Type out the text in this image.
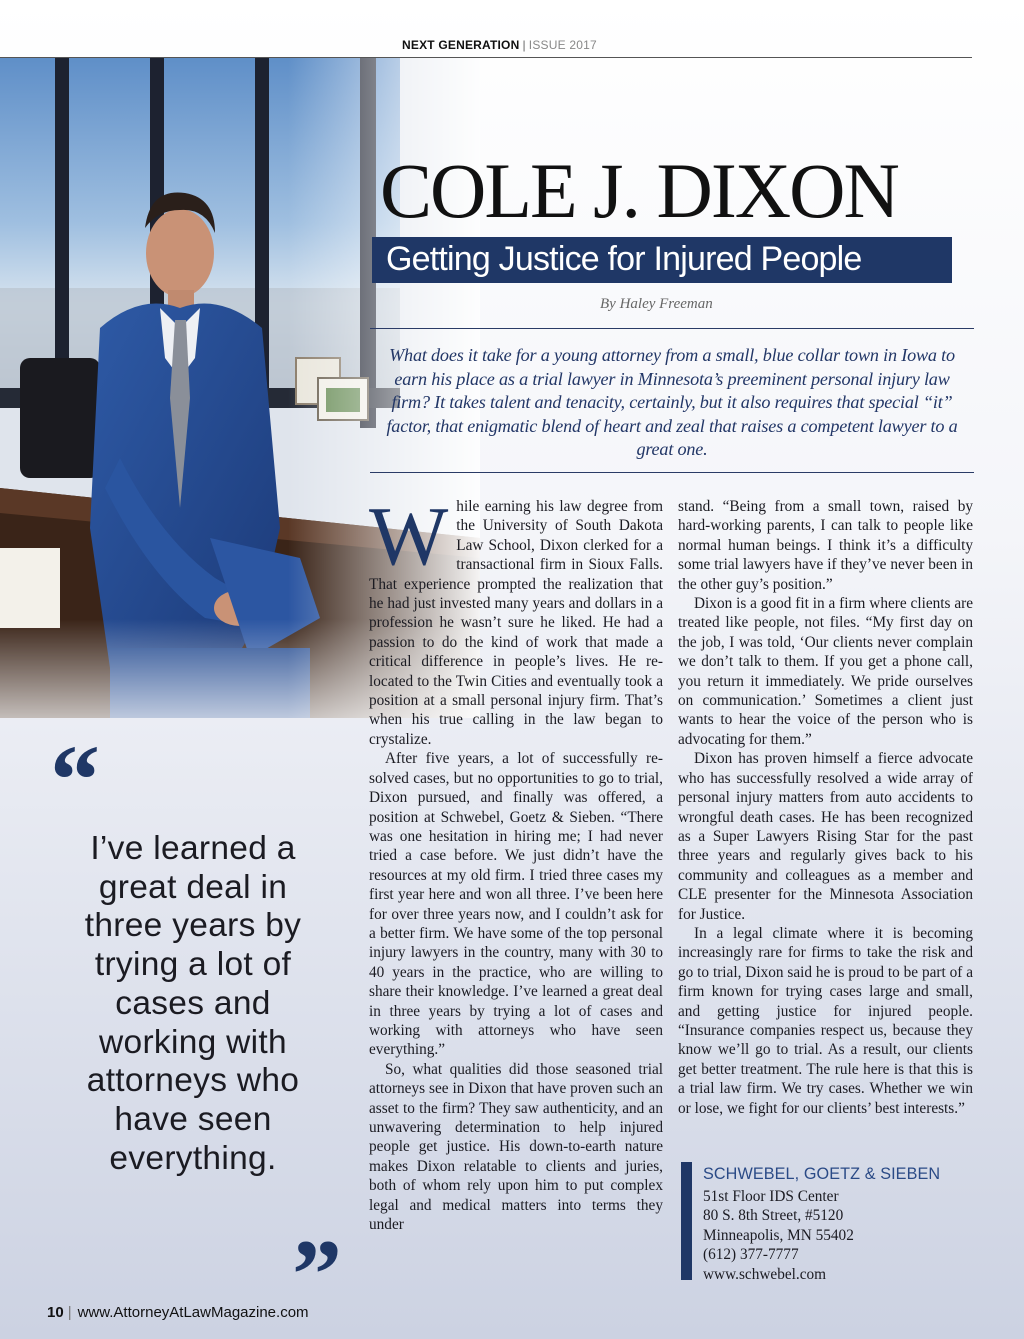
NEXT GENERATION | ISSUE 2017
COLE J. DIXON
Getting Justice for Injured People
By Haley Freeman
What does it take for a young attorney from a small, blue collar town in Iowa to earn his place as a trial lawyer in Minnesota’s preeminent personal injury law firm? It takes talent and tenacity, certainly, but it also requires that special “it” factor, that enigmatic blend of heart and zeal that raises a competent lawyer to a great one.
W hile earning his law degree from the University of South Dakota Law School, Dixon clerked for a transactional firm in Sioux Falls. That experience prompted the realization that he had just invested many years and dollars in a profession he wasn’t sure he liked. He had a passion to do the kind of work that made a critical difference in people’s lives. He relocated to the Twin Cities and eventually took a position at a small personal injury firm. That’s when his true calling in the law began to crystalize.

After five years, a lot of successfully resolved cases, but no opportunities to go to trial, Dixon pursued, and finally was offered, a position at Schwebel, Goetz & Sieben. “There was one hesitation in hiring me; I had never tried a case before. We just didn’t have the resources at my old firm. I tried three cases my first year here and won all three. I’ve been here for over three years now, and I couldn’t ask for a better firm. We have some of the top personal injury lawyers in the country, many with 30 to 40 years in the practice, who are willing to share their knowledge. I’ve learned a great deal in three years by trying a lot of cases and working with attorneys who have seen everything.”

So, what qualities did those seasoned trial attorneys see in Dixon that have proven such an asset to the firm? They saw authenticity, and an unwavering determination to help injured people get justice. His down-to-earth nature makes Dixon relatable to clients and juries, both of whom rely upon him to put complex legal and medical matters into terms they under

stand. “Being from a small town, raised by hard-working parents, I can talk to people like normal human beings. I think it’s a difficulty some trial lawyers have if they’ve never been in the other guy’s position.”

Dixon is a good fit in a firm where clients are treated like people, not files. “My first day on the job, I was told, ‘Our clients never complain we don’t talk to them. If you get a phone call, you return it immediately. We pride ourselves on communication.’ Sometimes a client just wants to hear the voice of the person who is advocating for them.”

Dixon has proven himself a fierce advocate who has successfully resolved a wide array of personal injury matters from auto accidents to wrongful death cases. He has been recognized as a Super Lawyers Rising Star for the past three years and regularly gives back to his community and colleagues as a member and CLE presenter for the Minnesota Association for Justice.

In a legal climate where it is becoming increasingly rare for firms to take the risk and go to trial, Dixon said he is proud to be part of a firm known for trying cases large and small, and getting justice for injured people. “Insurance companies respect us, because they know we’ll go to trial. As a result, our clients get better treatment. The rule here is that this is a trial law firm. We try cases. Whether we win or lose, we fight for our clients’ best interests.”

“
I’ve learned a great deal in three years by trying a lot of cases and working with attorneys who have seen everything.
”
SCHWEBEL, GOETZ & SIEBEN
51st Floor IDS Center
80 S. 8th Street, #5120
Minneapolis, MN 55402
(612) 377-7777
www.schwebel.com
10 | www.AttorneyAtLawMagazine.com
